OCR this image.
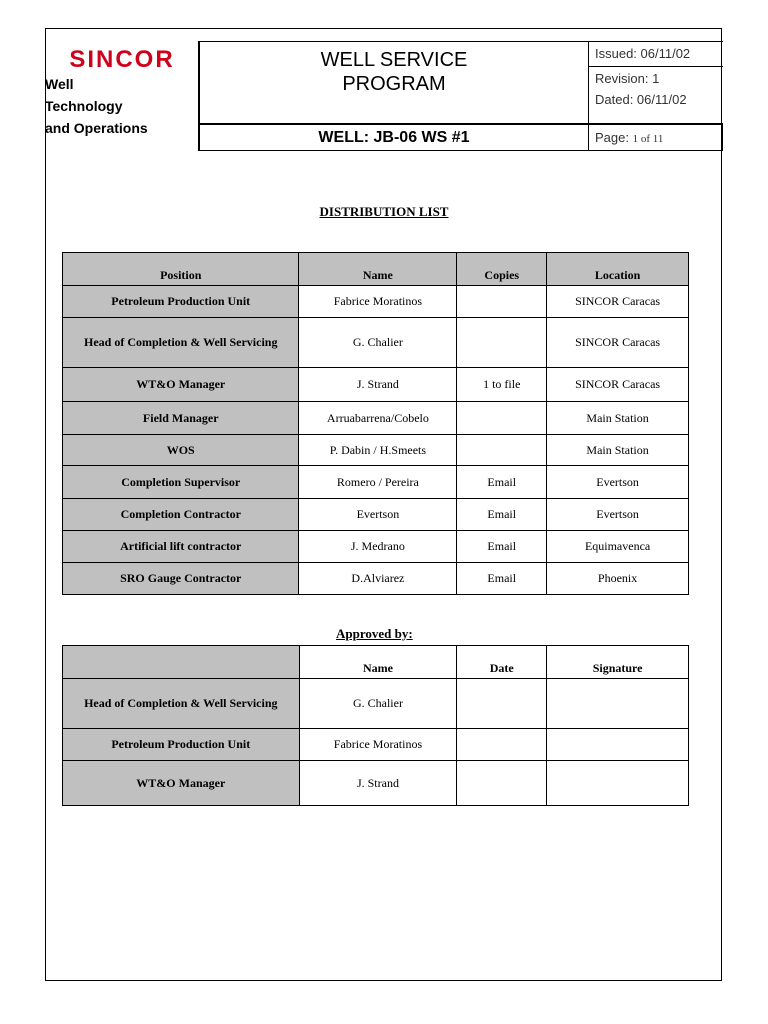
SINCOR
Well
Technology
and Operations
WELL SERVICE
PROGRAM
WELL: JB-06 WS #1
Issued: 06/11/02
Revision: 1
Dated: 06/11/02
Page: 1 of 11
DISTRIBUTION LIST
Position	Name	Copies	Location
Petroleum Production Unit	Fabrice Moratinos		SINCOR Caracas
Head of Completion & Well Servicing	G. Chalier		SINCOR Caracas
WT&O Manager	J. Strand	1 to file	SINCOR Caracas
Field Manager	Arruabarrena/Cobelo		Main Station
WOS	P. Dabin / H.Smeets		Main Station
Completion Supervisor	Romero / Pereira	Email	Evertson
Completion Contractor	Evertson	Email	Evertson
Artificial lift contractor	J. Medrano	Email	Equimavenca
SRO Gauge Contractor	D.Alviarez	Email	Phoenix
Approved by:
	Name	Date	Signature
Head of Completion & Well Servicing	G. Chalier		
Petroleum Production Unit	Fabrice Moratinos		
WT&O Manager	J. Strand		
